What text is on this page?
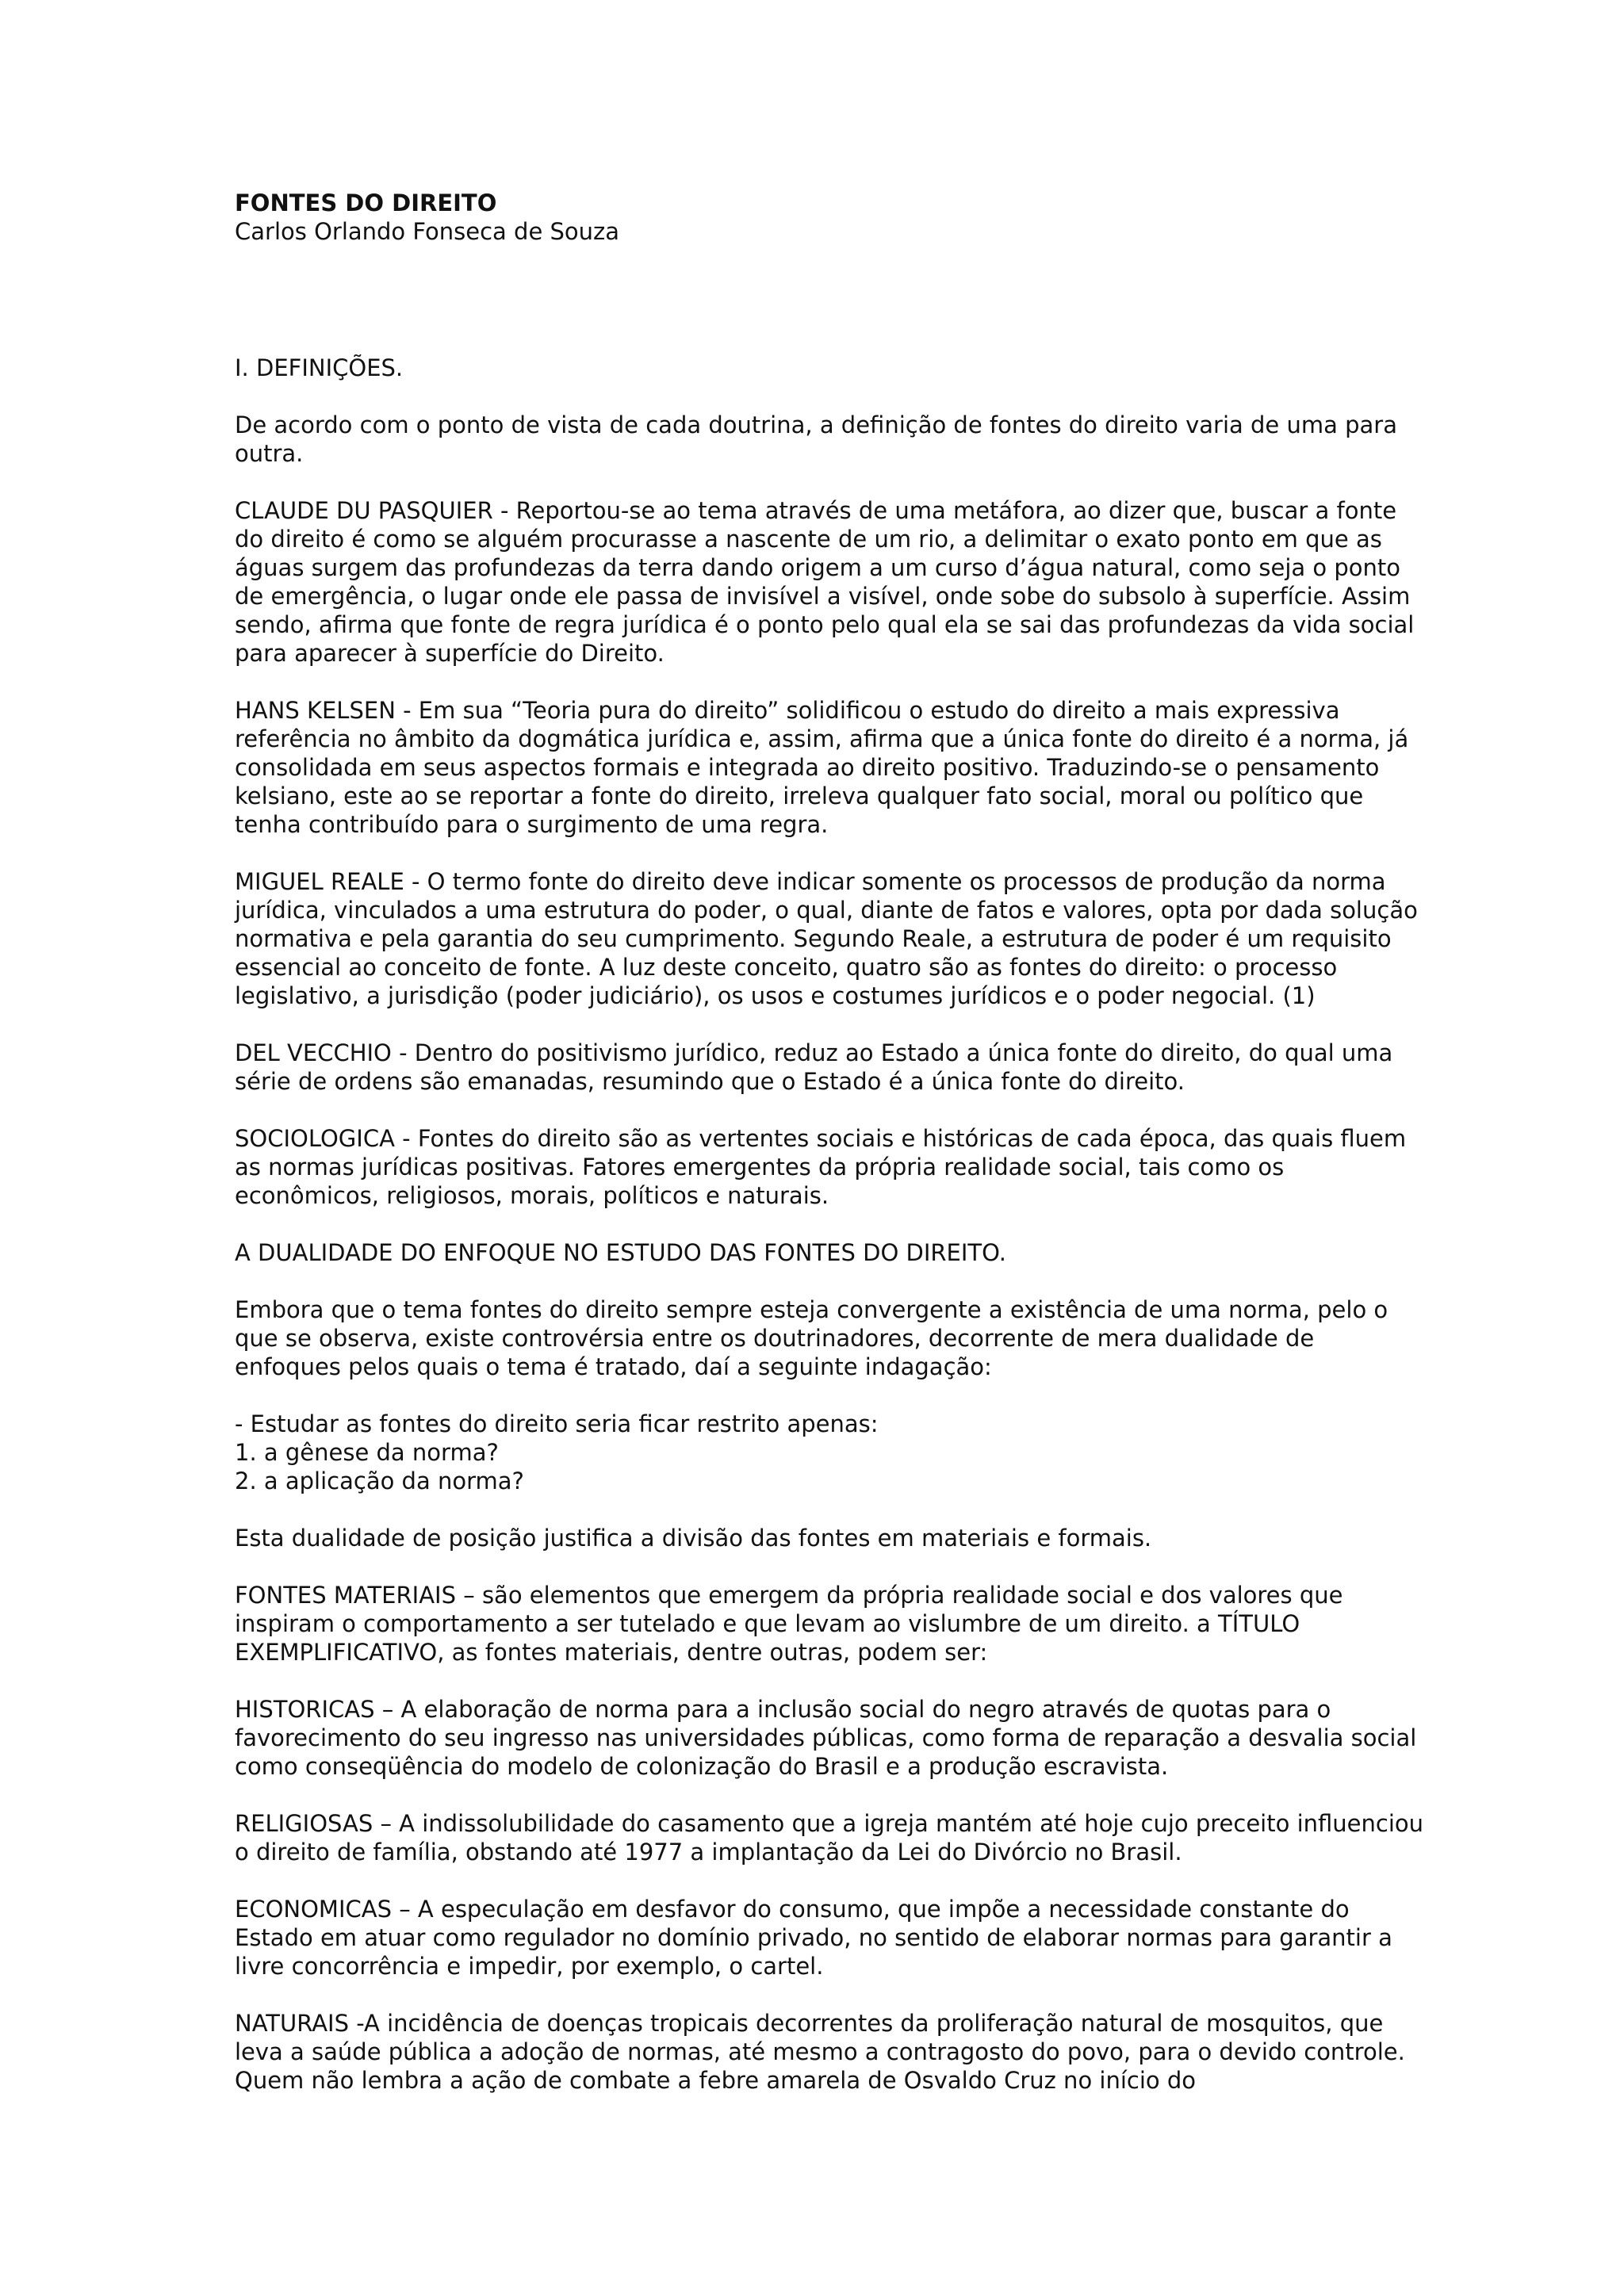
FONTES DO DIREITO

Carlos Orlando Fonseca de Souza

I. DEFINIÇÕES.

De acordo com o ponto de vista de cada doutrina, a definição de fontes do direito varia de uma para outra.

CLAUDE DU PASQUIER - Reportou-se ao tema através de uma metáfora, ao dizer que, buscar a fonte do direito é como se alguém procurasse a nascente de um rio, a delimitar o exato ponto em que as águas surgem das profundezas da terra dando origem a um curso d’água natural, como seja o ponto de emergência, o lugar onde ele passa de invisível a visível, onde sobe do subsolo à superfície. Assim sendo, afirma que fonte de regra jurídica é o ponto pelo qual ela se sai das profundezas da vida social para aparecer à superfície do Direito.

HANS KELSEN - Em sua “Teoria pura do direito” solidificou o estudo do direito a mais expressiva referência no âmbito da dogmática jurídica e, assim, afirma que a única fonte do direito é a norma, já consolidada em seus aspectos formais e integrada ao direito positivo. Traduzindo-se o pensamento kelsiano, este ao se reportar a fonte do direito, irreleva qualquer fato social, moral ou político que tenha contribuído para o surgimento de uma regra.

MIGUEL REALE - O termo fonte do direito deve indicar somente os processos de produção da norma jurídica, vinculados a uma estrutura do poder, o qual, diante de fatos e valores, opta por dada solução normativa e pela garantia do seu cumprimento. Segundo Reale, a estrutura de poder é um requisito essencial ao conceito de fonte. A luz deste conceito, quatro são as fontes do direito: o processo legislativo, a jurisdição (poder judiciário), os usos e costumes jurídicos e o poder negocial. (1)

DEL VECCHIO - Dentro do positivismo jurídico, reduz ao Estado a única fonte do direito, do qual uma série de ordens são emanadas, resumindo que o Estado é a única fonte do direito.

SOCIOLOGICA - Fontes do direito são as vertentes sociais e históricas de cada época, das quais fluem as normas jurídicas positivas. Fatores emergentes da própria realidade social, tais como os econômicos, religiosos, morais, políticos e naturais.

A DUALIDADE DO ENFOQUE NO ESTUDO DAS FONTES DO DIREITO.

Embora que o tema fontes do direito sempre esteja convergente a existência de uma norma, pelo o que se observa, existe controvérsia entre os doutrinadores, decorrente de mera dualidade de enfoques pelos quais o tema é tratado, daí a seguinte indagação:

- Estudar as fontes do direito seria ficar restrito apenas:

1. a gênese da norma?

2. a aplicação da norma?

Esta dualidade de posição justifica a divisão das fontes em materiais e formais.

FONTES MATERIAIS – são elementos que emergem da própria realidade social e dos valores que inspiram o comportamento a ser tutelado e que levam ao vislumbre de um direito. a TÍTULO EXEMPLIFICATIVO, as fontes materiais, dentre outras, podem ser:

HISTORICAS – A elaboração de norma para a inclusão social do negro através de quotas para o favorecimento do seu ingresso nas universidades públicas, como forma de reparação a desvalia social como conseqüência do modelo de colonização do Brasil e a produção escravista.

RELIGIOSAS – A indissolubilidade do casamento que a igreja mantém até hoje cujo preceito influenciou o direito de família, obstando até 1977 a implantação da Lei do Divórcio no Brasil.

ECONOMICAS – A especulação em desfavor do consumo, que impõe a necessidade constante do Estado em atuar como regulador no domínio privado, no sentido de elaborar normas para garantir a livre concorrência e impedir, por exemplo, o cartel.

NATURAIS -A incidência de doenças tropicais decorrentes da proliferação natural de mosquitos, que leva a saúde pública a adoção de normas, até mesmo a contragosto do povo, para o devido controle. Quem não lembra a ação de combate a febre amarela de Osvaldo Cruz no início do
